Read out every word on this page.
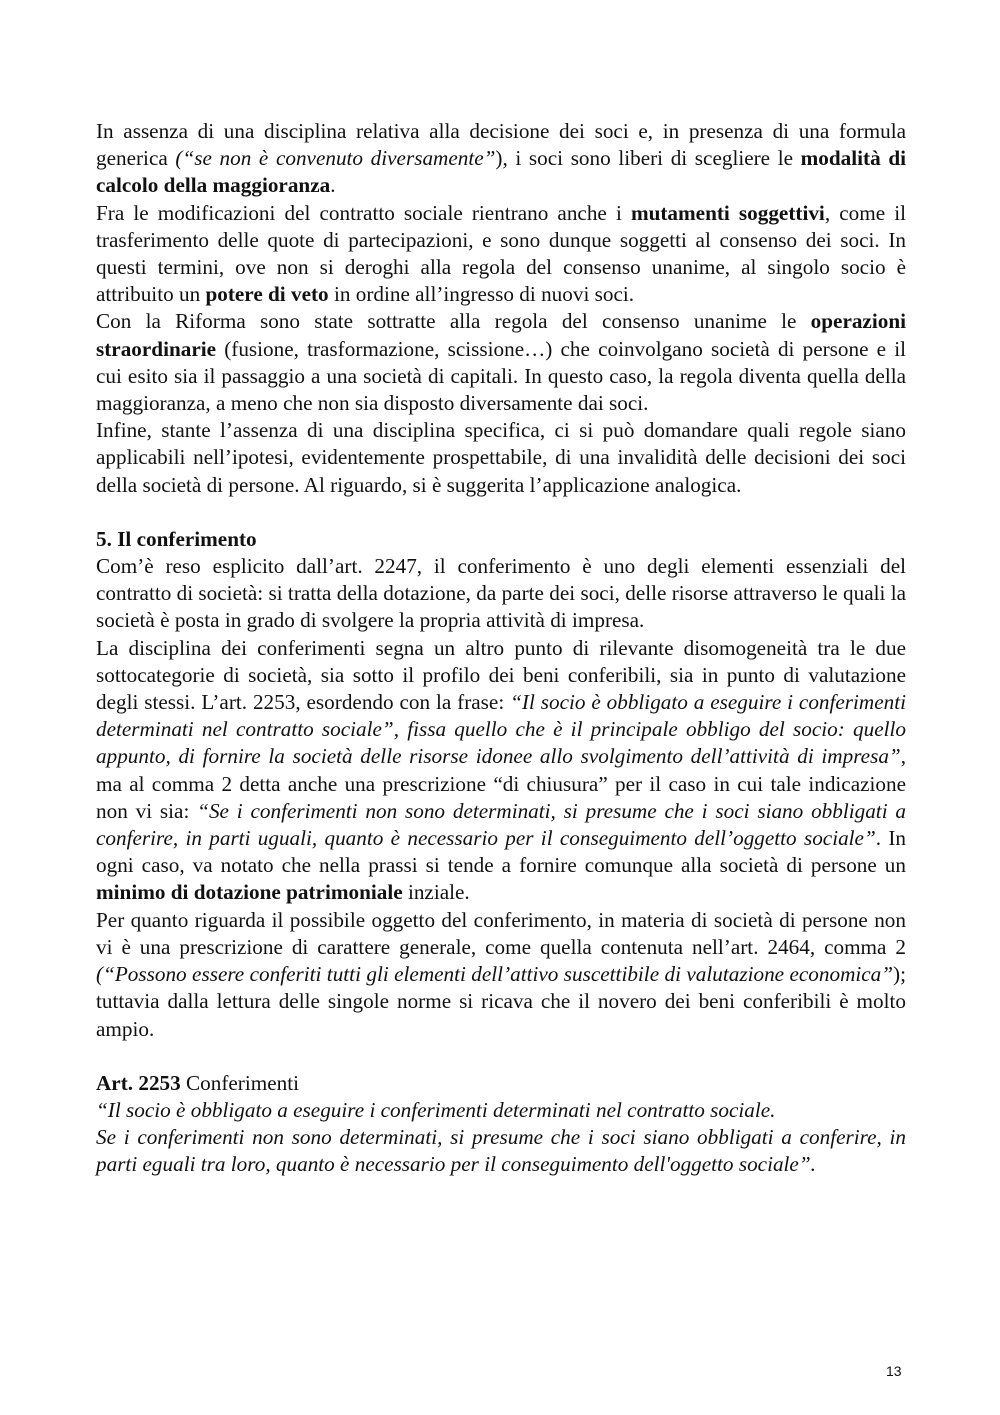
In assenza di una disciplina relativa alla decisione dei soci e, in presenza di una formula generica (“se non è convenuto diversamente”), i soci sono liberi di scegliere le modalità di calcolo della maggioranza.

Fra le modificazioni del contratto sociale rientrano anche i mutamenti soggettivi, come il trasferimento delle quote di partecipazioni, e sono dunque soggetti al consenso dei soci. In questi termini, ove non si deroghi alla regola del consenso unanime, al singolo socio è attribuito un potere di veto in ordine all’ingresso di nuovi soci.

Con la Riforma sono state sottratte alla regola del consenso unanime le operazioni straordinarie (fusione, trasformazione, scissione…) che coinvolgano società di persone e il cui esito sia il passaggio a una società di capitali. In questo caso, la regola diventa quella della maggioranza, a meno che non sia disposto diversamente dai soci.

Infine, stante l’assenza di una disciplina specifica, ci si può domandare quali regole siano applicabili nell’ipotesi, evidentemente prospettabile, di una invalidità delle decisioni dei soci della società di persone. Al riguardo, si è suggerita l’applicazione analogica.

5. Il conferimento

Com’è reso esplicito dall’art. 2247, il conferimento è uno degli elementi essenziali del contratto di società: si tratta della dotazione, da parte dei soci, delle risorse attraverso le quali la società è posta in grado di svolgere la propria attività di impresa.

La disciplina dei conferimenti segna un altro punto di rilevante disomogeneità tra le due sottocategorie di società, sia sotto il profilo dei beni conferibili, sia in punto di valutazione degli stessi. L’art. 2253, esordendo con la frase: “Il socio è obbligato a eseguire i conferimenti determinati nel contratto sociale”, fissa quello che è il principale obbligo del socio: quello appunto, di fornire la società delle risorse idonee allo svolgimento dell’attività di impresa”, ma al comma 2 detta anche una prescrizione “di chiusura” per il caso in cui tale indicazione non vi sia: “Se i conferimenti non sono determinati, si presume che i soci siano obbligati a conferire, in parti uguali, quanto è necessario per il conseguimento dell’oggetto sociale”. In ogni caso, va notato che nella prassi si tende a fornire comunque alla società di persone un minimo di dotazione patrimoniale inziale.

Per quanto riguarda il possibile oggetto del conferimento, in materia di società di persone non vi è una prescrizione di carattere generale, come quella contenuta nell’art. 2464, comma 2 (“Possono essere conferiti tutti gli elementi dell’attivo suscettibile di valutazione economica”); tuttavia dalla lettura delle singole norme si ricava che il novero dei beni conferibili è molto ampio.

Art. 2253 Conferimenti

“Il socio è obbligato a eseguire i conferimenti determinati nel contratto sociale.

Se i conferimenti non sono determinati, si presume che i soci siano obbligati a conferire, in parti eguali tra loro, quanto è necessario per il conseguimento dell'oggetto sociale”.

13
